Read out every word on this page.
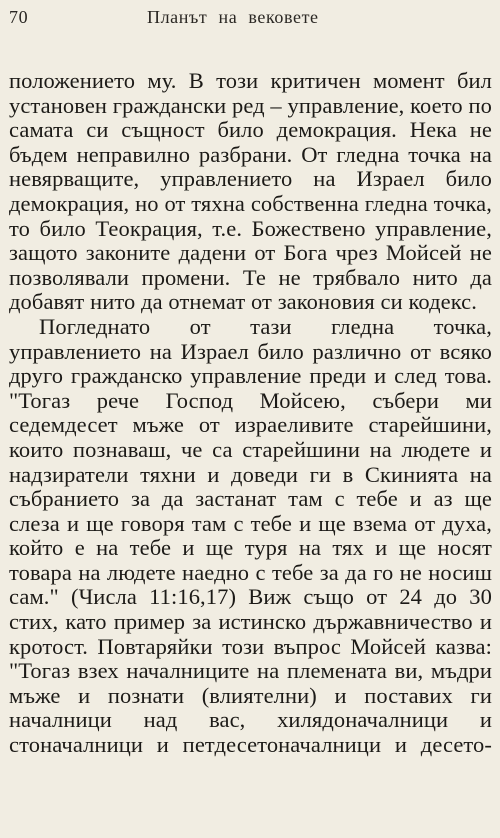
70	Планът на вековете

положението му. В този критичен момент бил установен граждански ред – управление, което по самата си същност било демокрация. Нека не бъдем неправилно разбрани. От гледна точка на невярващите, управлението на Израел било демокрация, но от тяхна собственна гледна точка, то било Теокрация, т.е. Божествено управление, защото законите дадени от Бога чрез Мойсей не позволявали промени. Те не трябвало нито да добавят нито да отнемат от законовия си кодекс.

Погледнато от тази гледна точка, управлението на Израел било различно от всяко друго гражданско управление преди и след това. "Тогаз рече Господ Мойсею, събери ми седемдесет мъже от израеливите старейшини, които познаваш, че са старейшини на людете и надзиратели тяхни и доведи ги в Скинията на събранието за да застанат там с тебе и аз ще слеза и ще говоря там с тебе и ще взема от духа, който е на тебе и ще туря на тях и ще носят товара на людете наедно с тебе за да го не носиш сам." (Числа 11:16,17) Виж също от 24 до 30 стих, като пример за истинско държавничество и кротост. Повтаряйки този въпрос Мойсей казва: "Тогаз взех началниците на племената ви, мъдри мъже и познати (влиятелни) и поставих ги началници над вас, хилядоначалници и стоначалници и петдесетоначалници и десето-
